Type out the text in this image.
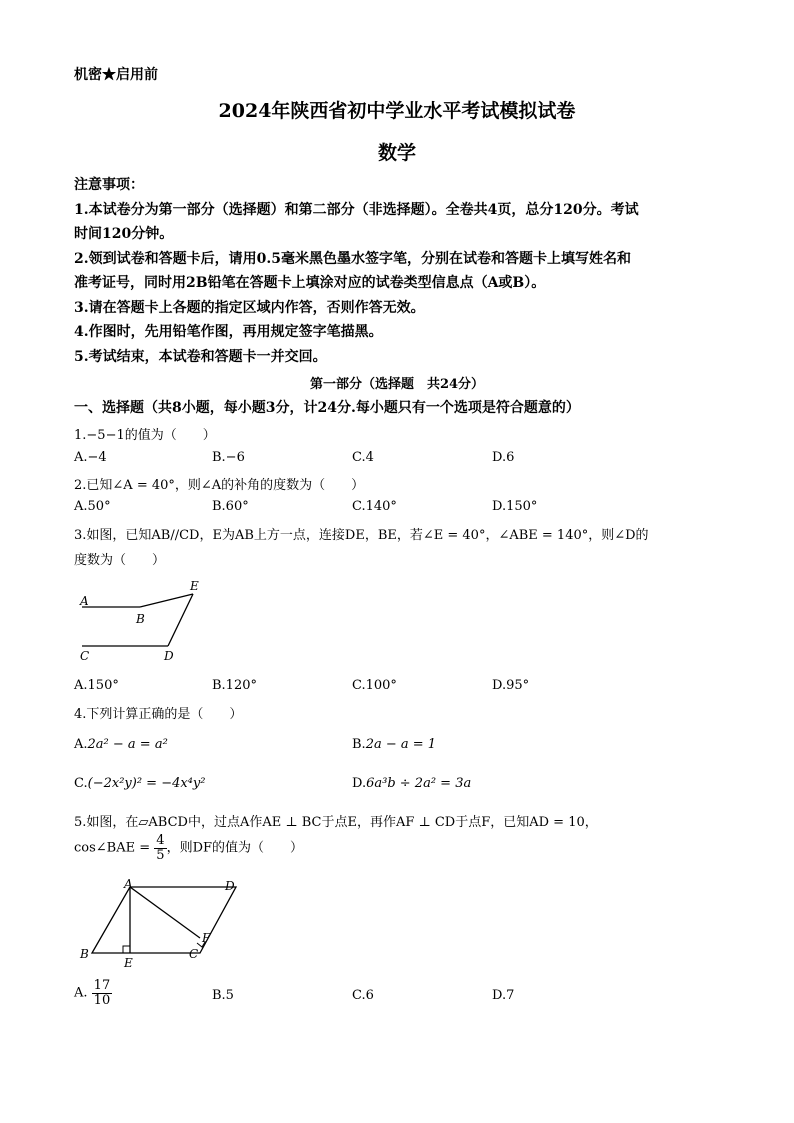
机密★启用前
2024年陕西省初中学业水平考试模拟试卷
数学
注意事项：
1.本试卷分为第一部分（选择题）和第二部分（非选择题）。全卷共4页，总分120分。考试
时间120分钟。
2.领到试卷和答题卡后，请用0.5毫米黑色墨水签字笔，分别在试卷和答题卡上填写姓名和
准考证号，同时用2B铅笔在答题卡上填涂对应的试卷类型信息点（A或B）。
3.请在答题卡上各题的指定区域内作答，否则作答无效。
4.作图时，先用铅笔作图，再用规定签字笔描黑。
5.考试结束，本试卷和答题卡一并交回。
第一部分（选择题　共24分）
一、选择题（共8小题，每小题3分，计24分.每小题只有一个选项是符合题意的）
1.−5−1的值为（　　）
A.−4	B.−6	C.4	D.6
2.已知∠A = 40°，则∠A的补角的度数为（　　）
A.50°	B.60°	C.140°	D.150°
3.如图，已知AB//CD，E为AB上方一点，连接DE，BE，若∠E = 40°，∠ABE = 140°，则∠D的
度数为（　　）
A
B
E
C	D
A.150°	B.120°	C.100°	D.95°
4.下列计算正确的是（　　）
A.2a² − a = a²	B.2a − a = 1
C.(−2x²y)² = −4x⁴y²	D.6a³b ÷ 2a² = 3a
5.如图，在▱ABCD中，过点A作AE ⊥ BC于点E，再作AF ⊥ CD于点F，已知AD = 10，
cos∠BAE = $\frac{4}{5}$ ，则DF的值为（　　）
A	D
B
E
C
F
A. $\frac{17}{10}$	B.5	C.6	D.7
